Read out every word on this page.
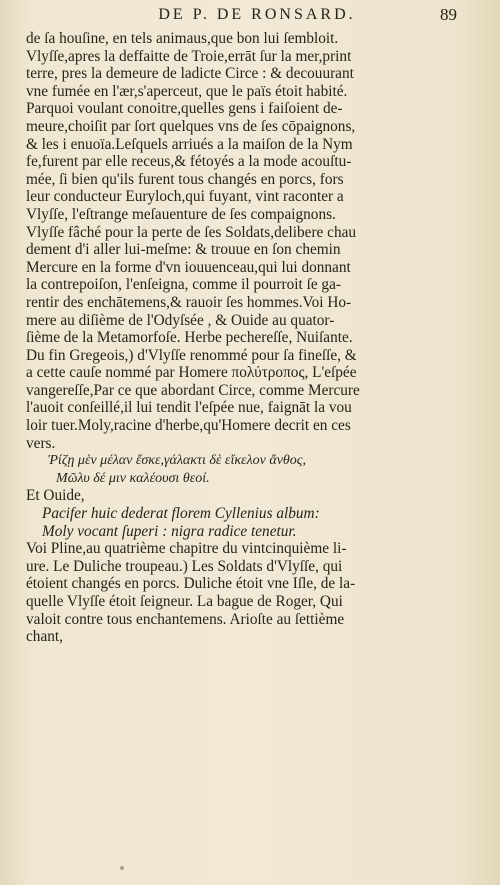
DE P. DE RONSARD.	89
de ſa houſine, en tels animaus,que bon lui ſembloit.
Vlyſſe,apres la deffaitte de Troie,errāt ſur la mer,print
terre, pres la demeure de ladicte Circe : & decouurant
vne fumée en l'ær,s'aperceut, que le païs étoit habité.
Parquoi voulant conoitre,quelles gens i faiſoient de-
meure,choiſit par ſort quelques vns de ſes cōpaignons,
& les i enuoïa.Leſquels arriués a la maiſon de la Nym
fe,furent par elle receus,& fétoyés a la mode acouſtu-
mée, ſi bien qu'ils furent tous changés en porcs, fors
leur conducteur Euryloch,qui fuyant, vint raconter a
Vlyſſe, l'eſtrange meſauenture de ſes compaignons.
Vlyſſe fâché pour la perte de ſes Soldats,delibere chau
dement d'i aller lui-meſme: & trouue en ſon chemin
Mercure en la forme d'vn iouuenceau,qui lui donnant
la contrepoiſon, l'enſeigna, comme il pourroit ſe ga-
rentir des enchātemens,& rauoir ſes hommes.Voi Ho-
mere au diſième de l'Odyſsée , & Ouide au quator-
ſième de la Metamorfoſe. Herbe pechereſſe, Nuiſante.
Du fin Gregeois,) d'Vlyſſe renommé pour ſa fineſſe, &
a cette cauſe nommé par Homere πολύτροπος, L'eſpée
vangereſſe,Par ce que abordant Circe, comme Mercure
l'auoit conſeillé,il lui tendit l'eſpée nue, faignāt la vou
loir tuer.Moly,racine d'herbe,qu'Homere decrit en ces
vers.
Ῥίζῃ μὲν μέλαν ἔσκε,γάλακτι δὲ εἴκελον ἄνθος,
Μῶλυ δέ μιν καλέουσι θεοί.
Et Ouide,
Pacifer huic dederat florem Cyllenius album:
Moly vocant ſuperi : nigra radice tenetur.
Voi Pline,au quatrième chapitre du vintcinquième li-
ure. Le Duliche troupeau.) Les Soldats d'Vlyſſe, qui
étoient changés en porcs. Duliche étoit vne Iſle, de la-
quelle Vlyſſe étoit ſeigneur. La bague de Roger, Qui
valoit contre tous enchantemens. Arioſte au ſettième
chant,
